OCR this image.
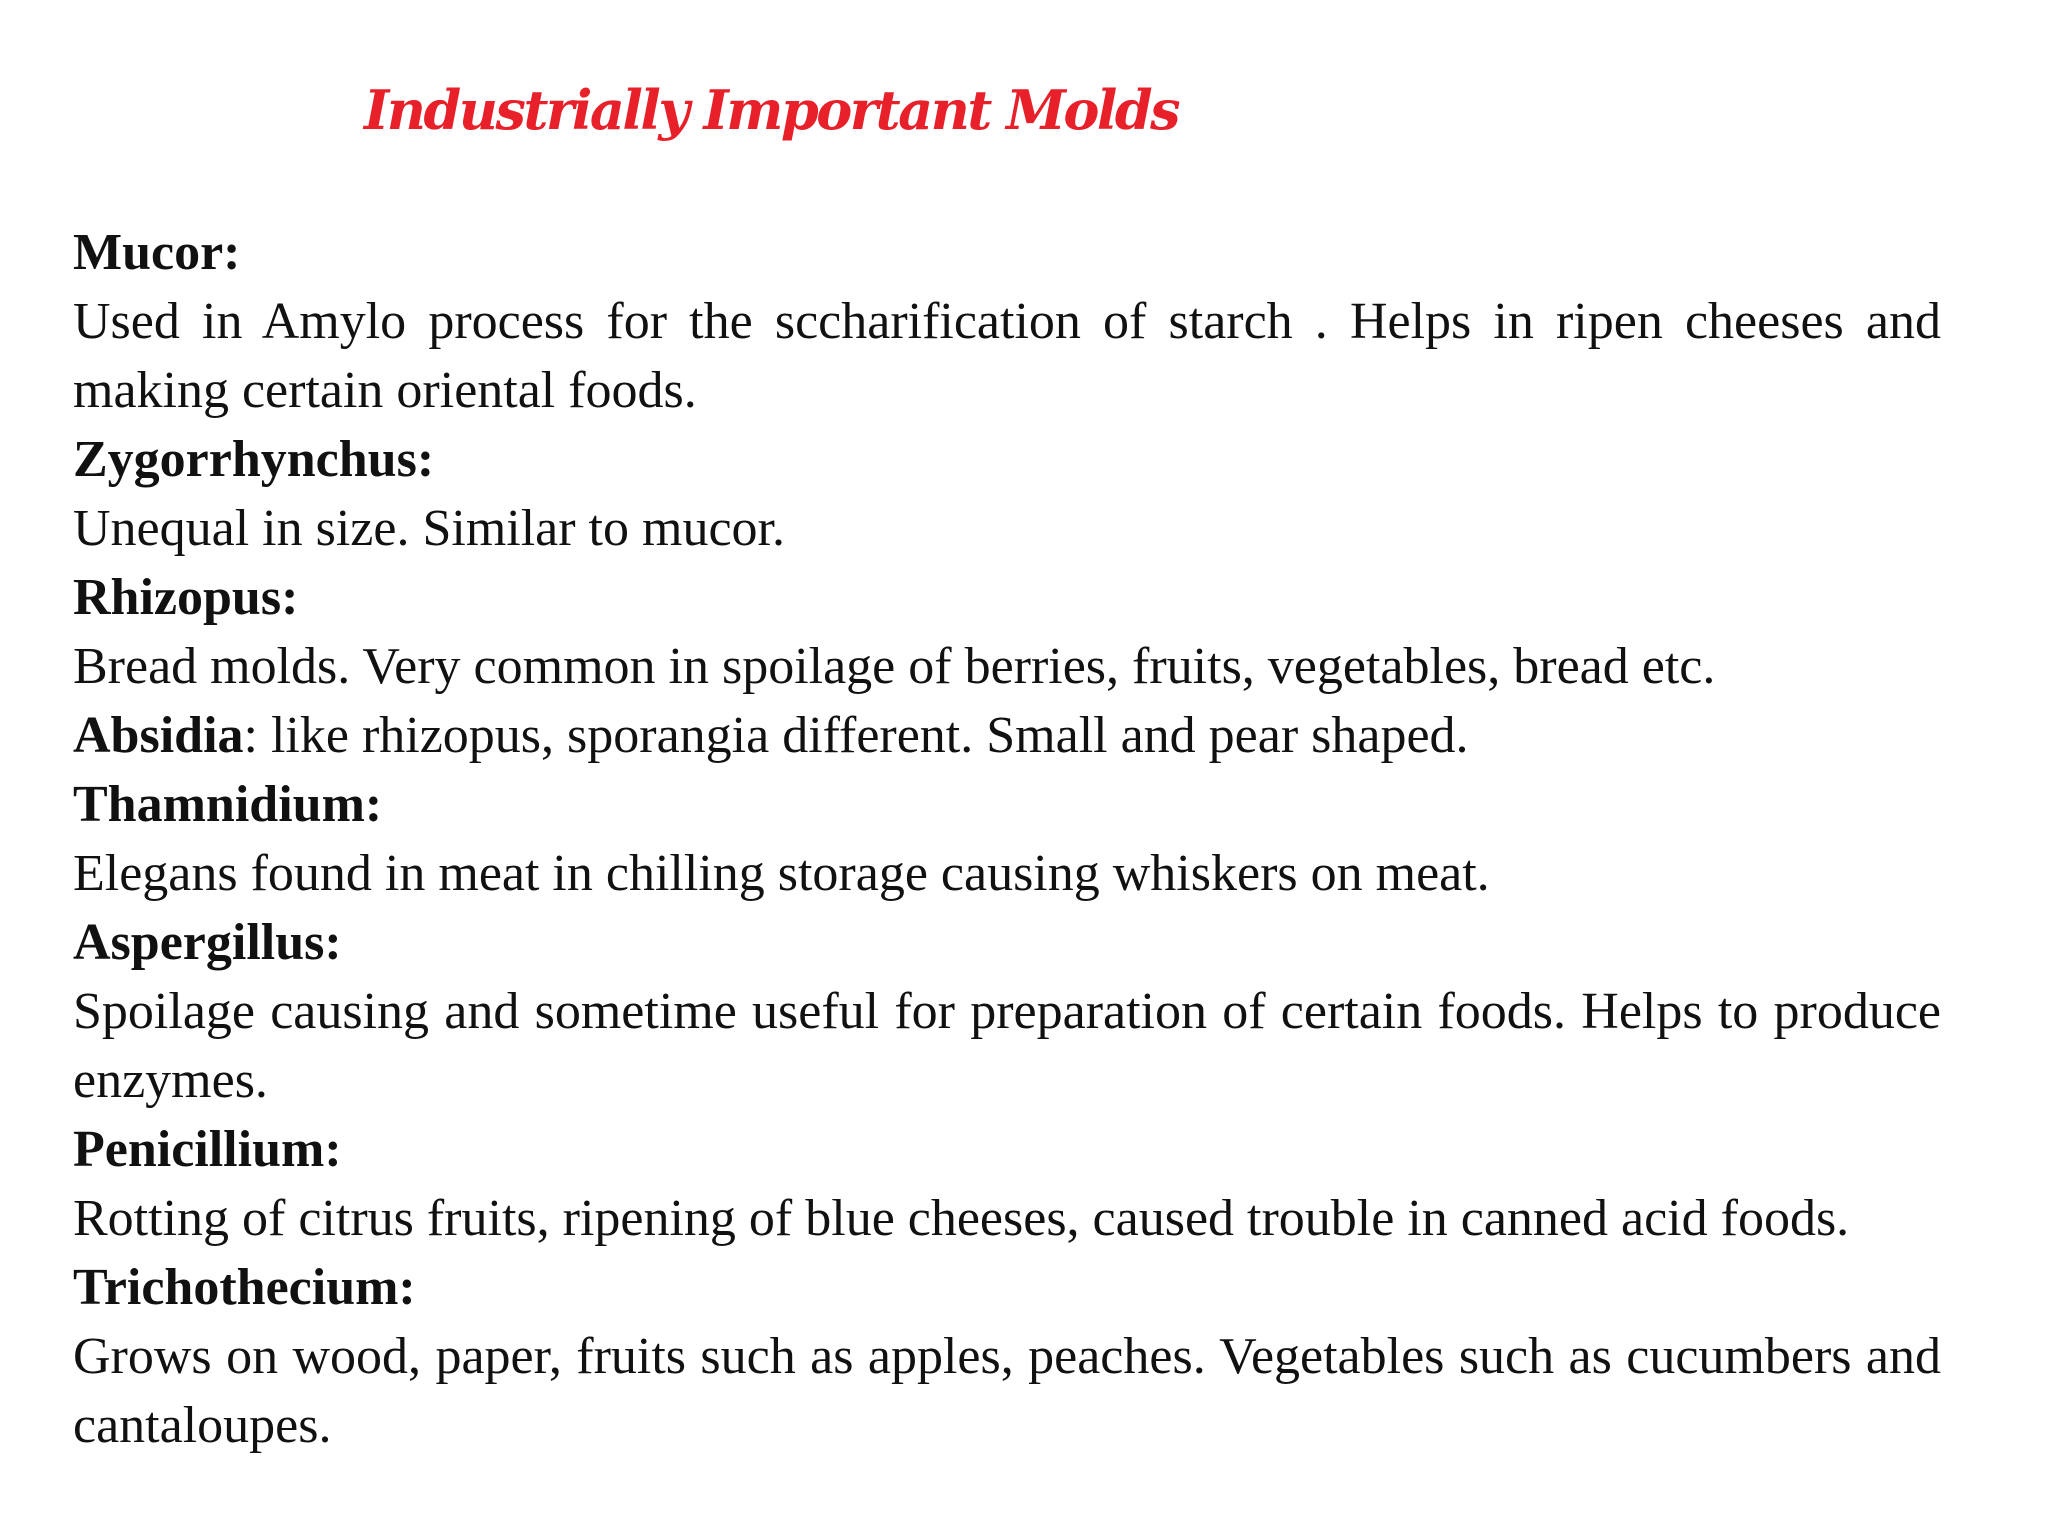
Industrially Important Molds

Mucor:

Used in Amylo process for the sccharification of starch . Helps in ripen cheeses and making certain oriental foods.

Zygorrhynchus:

Unequal in size. Similar to mucor.

Rhizopus:

Bread molds. Very common in spoilage of berries, fruits, vegetables, bread etc.

Absidia: like rhizopus, sporangia different. Small and pear shaped.

Thamnidium:

Elegans found in meat in chilling storage causing whiskers on meat.

Aspergillus:

Spoilage causing and sometime useful for preparation of certain foods. Helps to produce enzymes.

Penicillium:

Rotting of citrus fruits, ripening of blue cheeses, caused trouble in canned acid foods.

Trichothecium:

Grows on wood, paper, fruits such as apples, peaches. Vegetables such as cucumbers and cantaloupes.
